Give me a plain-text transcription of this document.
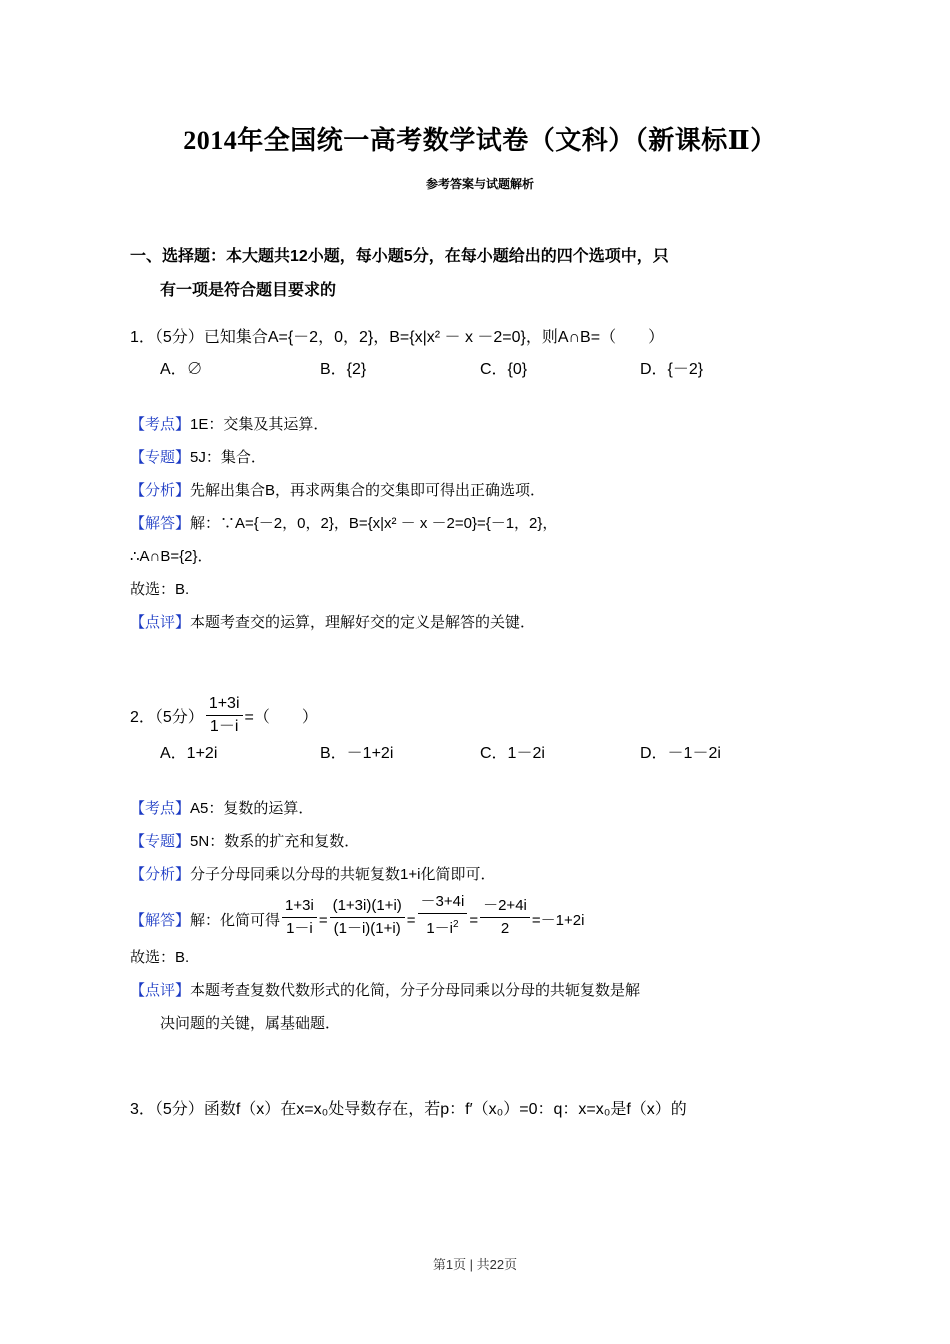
2014年全国统一高考数学试卷（文科）（新课标Ⅱ）
参考答案与试题解析
一、选择题：本大题共12小题，每小题5分，在每小题给出的四个选项中，只
有一项是符合题目要求的
1．（5分）已知集合A={－2，0，2}，B={x|x² － x －2=0}，则A∩B=（　　）
A．∅	B．{2}	C．{0}	D．{－2}
【考点】1E：交集及其运算．
【专题】5J：集合．
【分析】先解出集合B，再求两集合的交集即可得出正确选项．
【解答】解：∵A={－2，0，2}，B={x|x² － x －2=0}={－1，2}，
∴A∩B={2}．
故选：B.
【点评】本题考查交的运算，理解好交的定义是解答的关键．
2．（5分） $\frac{1+3i}{1-i}$ =（　　）
A．1+2i	B．－1+2i	C．1－2i	D．－1－2i
【考点】A5：复数的运算．
【专题】5N：数系的扩充和复数．
【分析】分子分母同乘以分母的共轭复数1+i化简即可．
【解答】解：化简可得 $\frac{1+3i}{1-i} = \frac{(1+3i)(1+i)}{(1-i)(1+i)} = \frac{-3+4i}{1-i^2} = \frac{-2+4i}{2} =-1+2i$
故选：B.
【点评】本题考查复数代数形式的化简，分子分母同乘以分母的共轭复数是解
决问题的关键，属基础题．
3．（5分）函数f（x）在x=x₀处导数存在，若p：f′（x₀）=0：q：x=x₀是f（x）的
第1页 | 共22页
